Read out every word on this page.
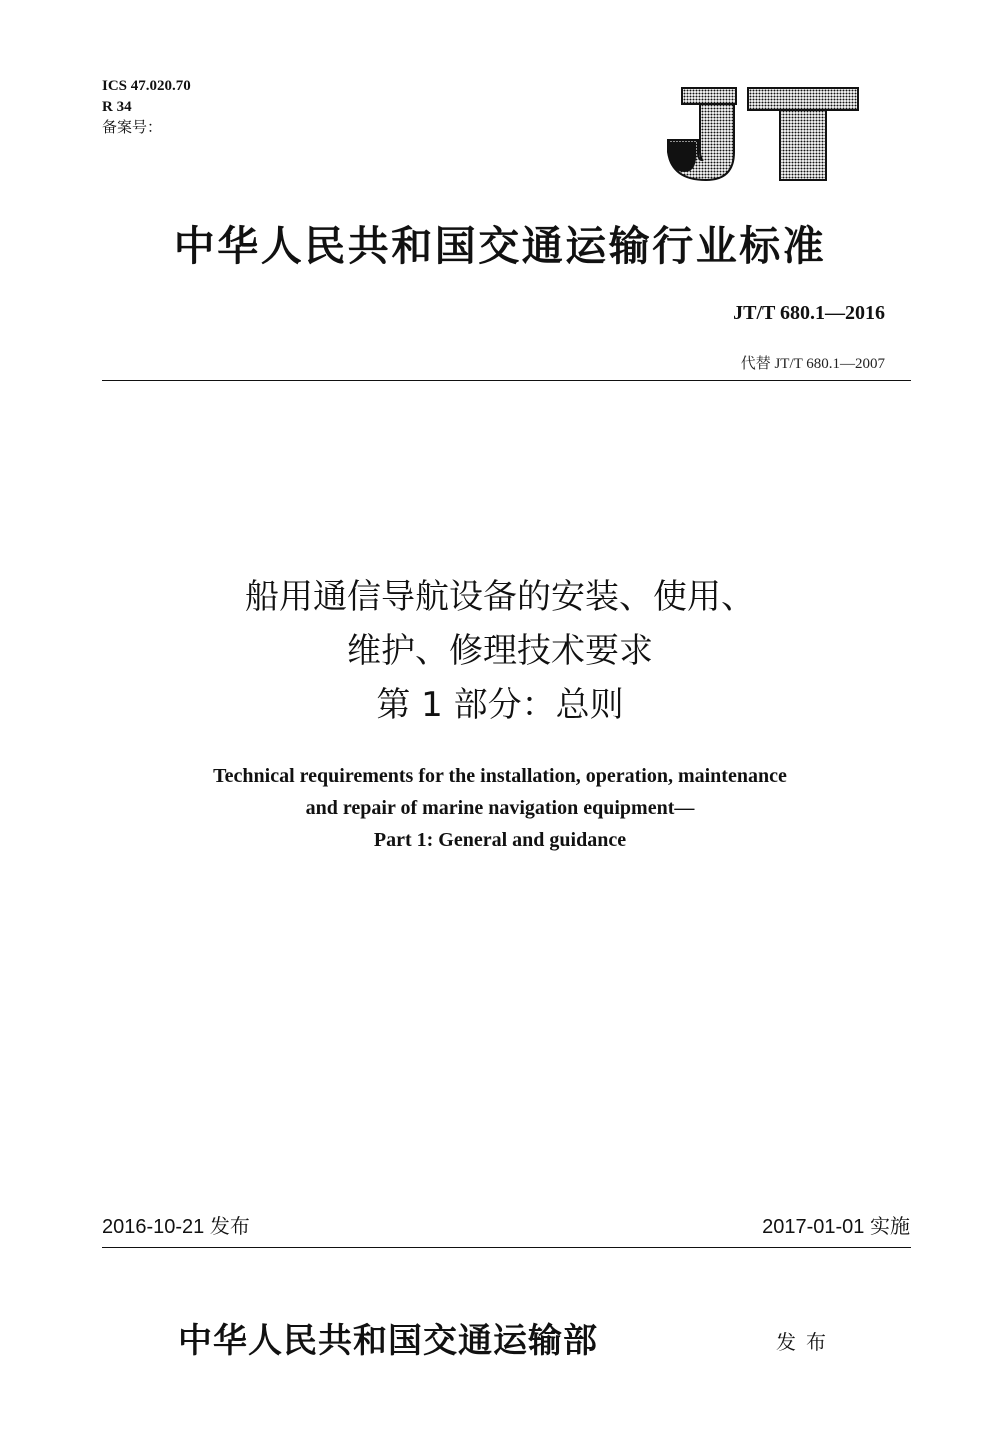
ICS 47.020.70
R 34
备案号：
中华人民共和国交通运输行业标准
JT/T 680.1—2016
代替 JT/T 680.1—2007
船用通信导航设备的安装、使用、
维护、修理技术要求
第 1 部分：总则
Technical requirements for the installation, operation, maintenance
and repair of marine navigation equipment—
Part 1: General and guidance
2016-10-21 发布	2017-01-01 实施
中华人民共和国交通运输部	发布
